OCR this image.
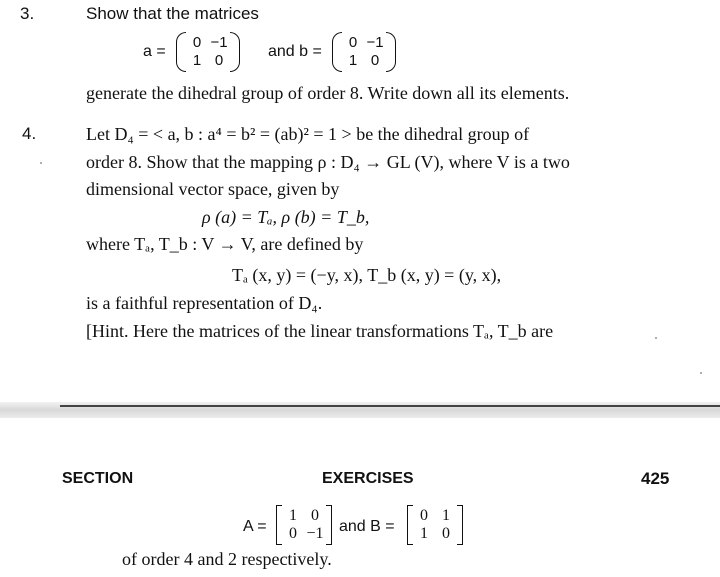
3.	Show that the matrices
a =
0 −1
1 0
and b =
0 −1
1 0
generate the dihedral group of order 8. Write down all its elements.
4.	Let D₄ = < a, b : a⁴ = b² = (ab)² = 1 > be the dihedral group of
order 8. Show that the mapping ρ : D₄ → GL (V), where V is a two
dimensional vector space, given by
ρ (a) = Tₐ, ρ (b) = T_b,
where Tₐ, T_b : V → V, are defined by
Tₐ (x, y) = (−y, x), T_b (x, y) = (y, x),
is a faithful representation of D₄.
[Hint. Here the matrices of the linear transformations Tₐ, T_b are
SECTION	EXERCISES	425
A =
1 0
0 −1 and B =
0 1
1 0
of order 4 and 2 respectively.
